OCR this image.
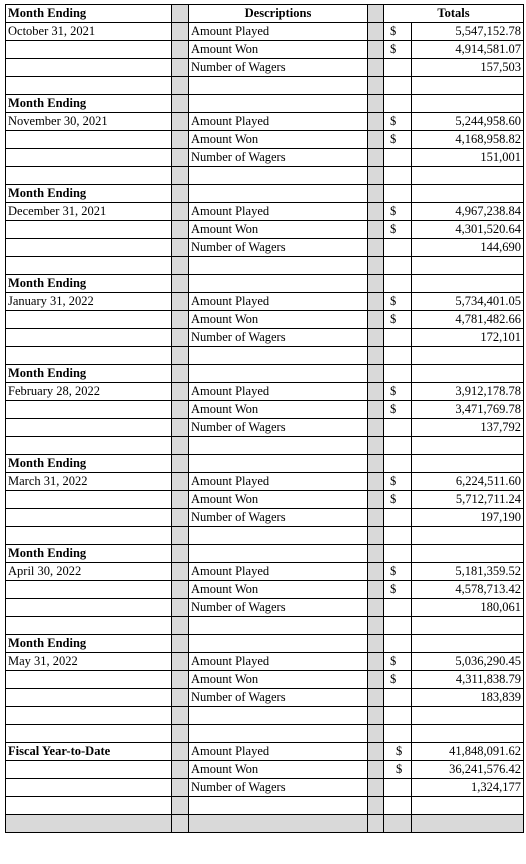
Month Ending		Descriptions		Totals	
October 31, 2021		Amount Played		$	5,547,152.78
		Amount Won		$	4,914,581.07
		Number of Wagers			157,503

Month Ending					
November 30, 2021		Amount Played		$	5,244,958.60
		Amount Won		$	4,168,958.82
		Number of Wagers			151,001

Month Ending					
December 31, 2021		Amount Played		$	4,967,238.84
		Amount Won		$	4,301,520.64
		Number of Wagers			144,690

Month Ending					
January 31, 2022		Amount Played		$	5,734,401.05
		Amount Won		$	4,781,482.66
		Number of Wagers			172,101

Month Ending					
February 28, 2022		Amount Played		$	3,912,178.78
		Amount Won		$	3,471,769.78
		Number of Wagers			137,792

Month Ending					
March 31, 2022		Amount Played		$	6,224,511.60
		Amount Won		$	5,712,711.24
		Number of Wagers			197,190

Month Ending					
April 30, 2022		Amount Played		$	5,181,359.52
		Amount Won		$	4,578,713.42
		Number of Wagers			180,061

Month Ending					
May 31, 2022		Amount Played		$	5,036,290.45
		Amount Won		$	4,311,838.79
		Number of Wagers			183,839

Fiscal Year-to-Date		Amount Played		$	41,848,091.62
		Amount Won		$	36,241,576.42
		Number of Wagers			1,324,177
